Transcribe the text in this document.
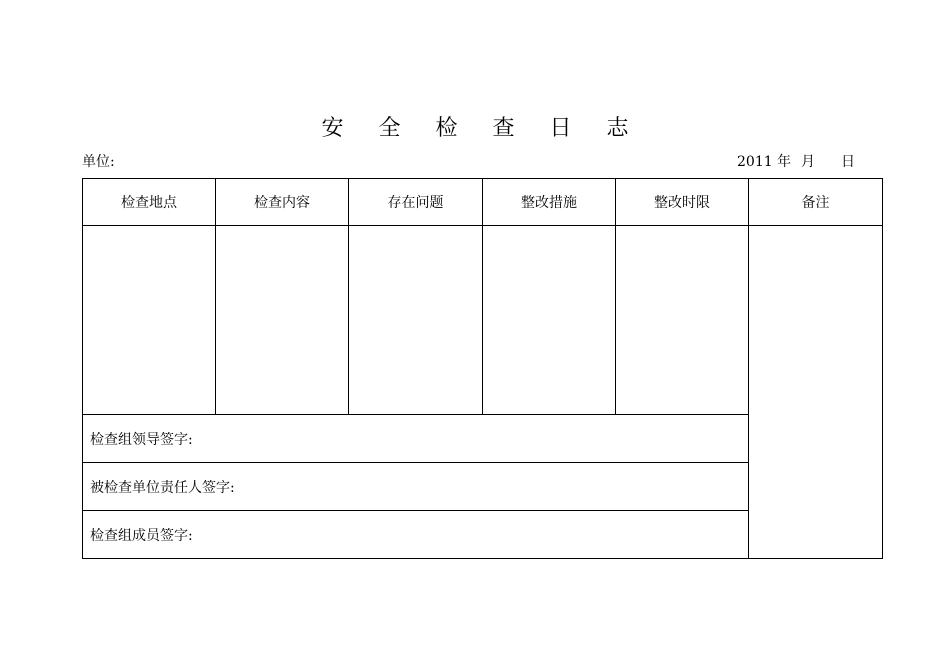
安 全 检 查 日 志
单位:	2011 年 月 日
检查地点	检查内容	存在问题	整改措施	整改时限	备注

检查组领导签字:					
被检查单位责任人签字:					
检查组成员签字:					
